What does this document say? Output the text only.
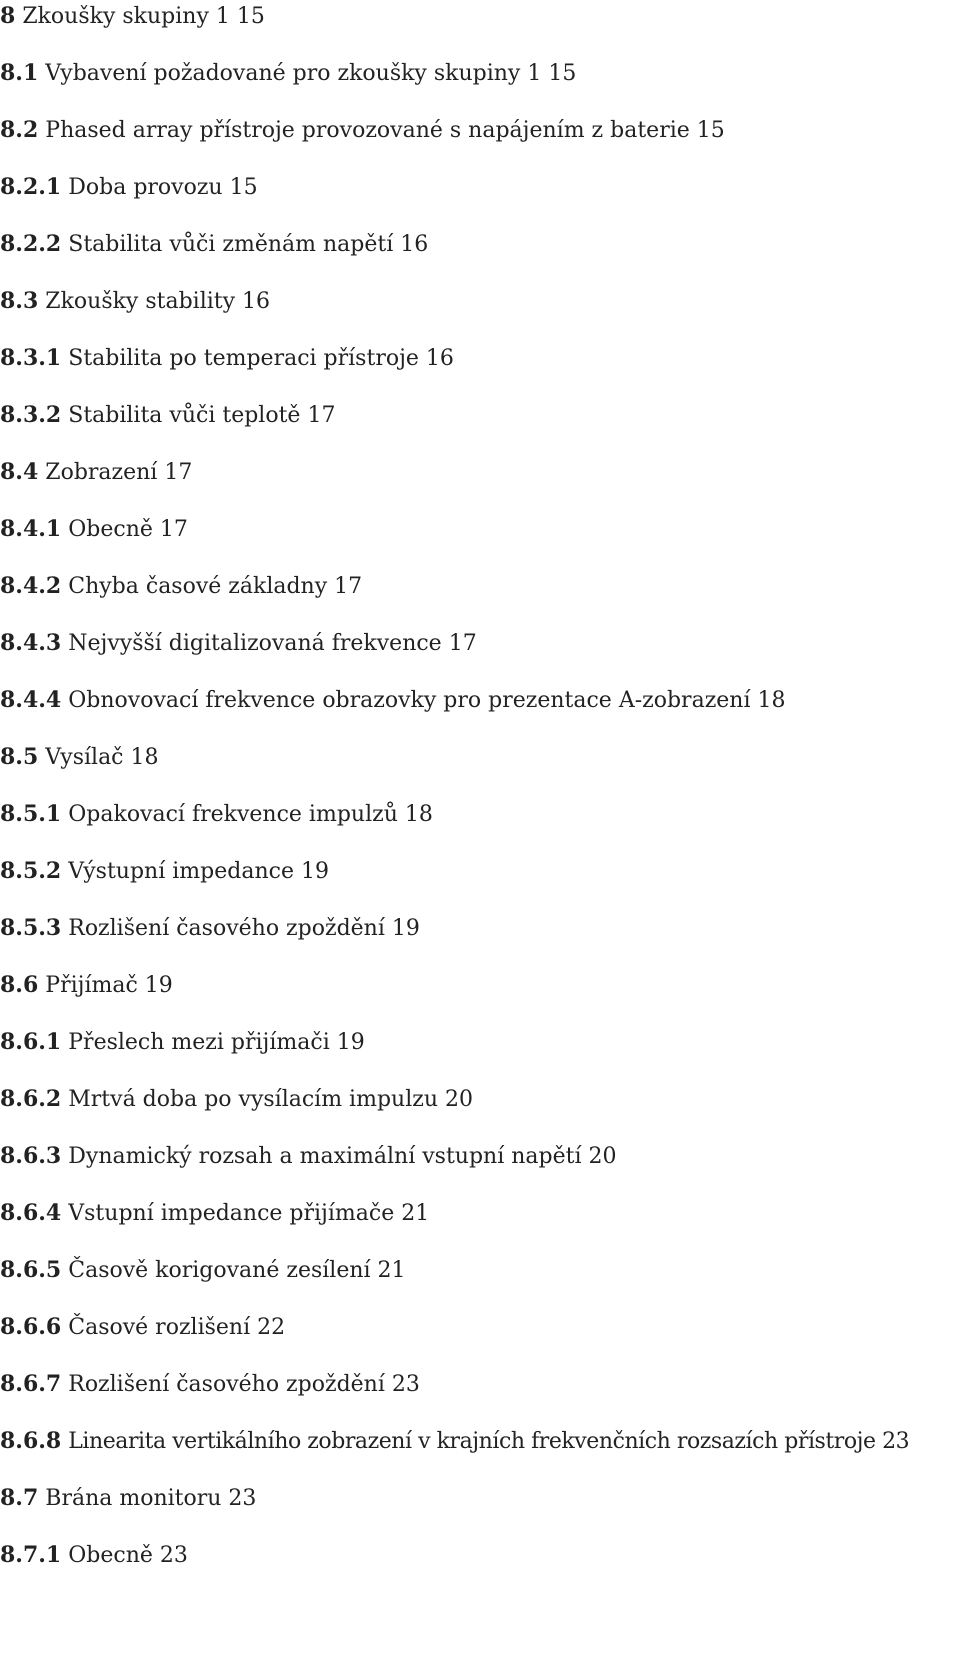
8 Zkoušky skupiny 1 15
8.1 Vybavení požadované pro zkoušky skupiny 1 15
8.2 Phased array přístroje provozované s napájením z baterie 15
8.2.1 Doba provozu 15
8.2.2 Stabilita vůči změnám napětí 16
8.3 Zkoušky stability 16
8.3.1 Stabilita po temperaci přístroje 16
8.3.2 Stabilita vůči teplotě 17
8.4 Zobrazení 17
8.4.1 Obecně 17
8.4.2 Chyba časové základny 17
8.4.3 Nejvyšší digitalizovaná frekvence 17
8.4.4 Obnovovací frekvence obrazovky pro prezentace A-zobrazení 18
8.5 Vysílač 18
8.5.1 Opakovací frekvence impulzů 18
8.5.2 Výstupní impedance 19
8.5.3 Rozlišení časového zpoždění 19
8.6 Přijímač 19
8.6.1 Přeslech mezi přijímači 19
8.6.2 Mrtvá doba po vysílacím impulzu 20
8.6.3 Dynamický rozsah a maximální vstupní napětí 20
8.6.4 Vstupní impedance přijímače 21
8.6.5 Časově korigované zesílení 21
8.6.6 Časové rozlišení 22
8.6.7 Rozlišení časového zpoždění 23
8.6.8 Linearita vertikálního zobrazení v krajních frekvenčních rozsazích přístroje 23
8.7 Brána monitoru 23
8.7.1 Obecně 23
